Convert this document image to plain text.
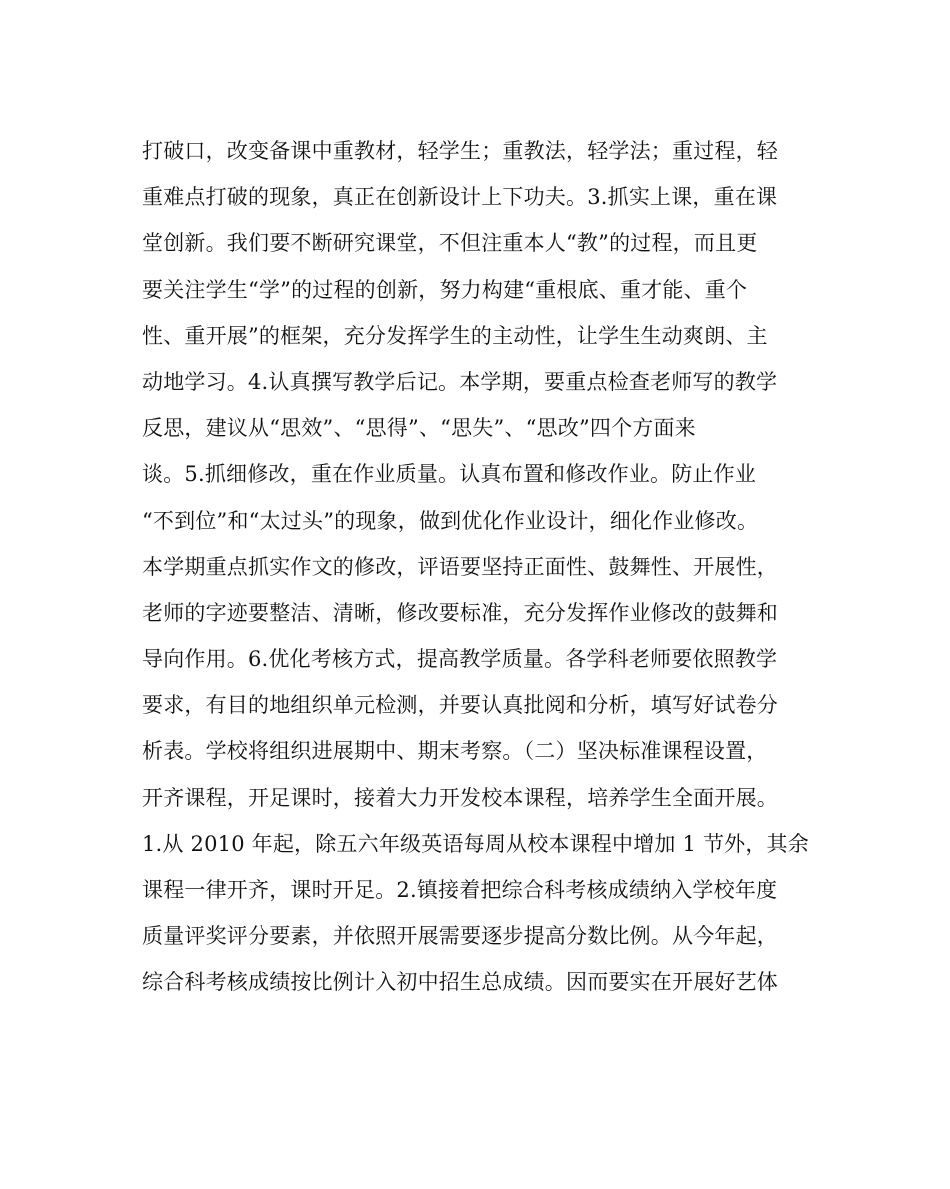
打破口，改变备课中重教材，轻学生；重教法，轻学法；重过程，轻
重难点打破的现象，真正在创新设计上下功夫。3.抓实上课，重在课
堂创新。我们要不断研究课堂，不但注重本人“教”的过程，而且更
要关注学生“学”的过程的创新，努力构建“重根底、重才能、重个
性、重开展”的框架，充分发挥学生的主动性，让学生生动爽朗、主
动地学习。4.认真撰写教学后记。本学期，要重点检查老师写的教学
反思，建议从“思效”、“思得”、“思失”、“思改”四个方面来
谈。5.抓细修改，重在作业质量。认真布置和修改作业。防止作业
“不到位”和“太过头”的现象，做到优化作业设计，细化作业修改。
本学期重点抓实作文的修改，评语要坚持正面性、鼓舞性、开展性，
老师的字迹要整洁、清晰，修改要标准，充分发挥作业修改的鼓舞和
导向作用。6.优化考核方式，提高教学质量。各学科老师要依照教学
要求，有目的地组织单元检测，并要认真批阅和分析，填写好试卷分
析表。学校将组织进展期中、期末考察。（二）坚决标准课程设置，
开齐课程，开足课时，接着大力开发校本课程，培养学生全面开展。
1.从 2010 年起，除五六年级英语每周从校本课程中增加 1 节外，其余
课程一律开齐，课时开足。2.镇接着把综合科考核成绩纳入学校年度
质量评奖评分要素，并依照开展需要逐步提高分数比例。从今年起，
综合科考核成绩按比例计入初中招生总成绩。因而要实在开展好艺体
